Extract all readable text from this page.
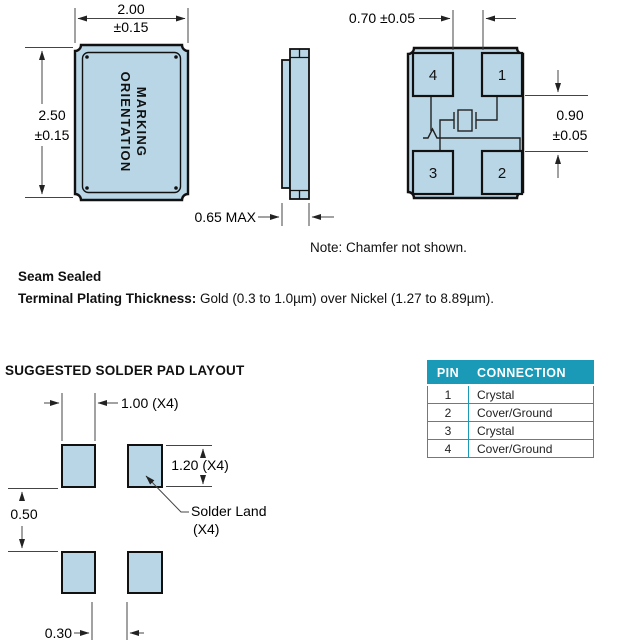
MARKING
ORIENTATION
2.00
±0.15
2.50
±0.15
0.65 MAX
4	1
3	2
0.70 ±0.05
0.90
±0.05
Note: Chamfer not shown.
Seam Sealed
Terminal Plating Thickness: Gold (0.3 to 1.0µm) over Nickel (1.27 to 8.89µm).
SUGGESTED SOLDER PAD LAYOUT
1.00 (X4)
1.20 (X4)
0.50	Solder Land
(X4)
0.30
PIN	CONNECTION
1	Crystal
2	Cover/Ground
3	Crystal
4	Cover/Ground
